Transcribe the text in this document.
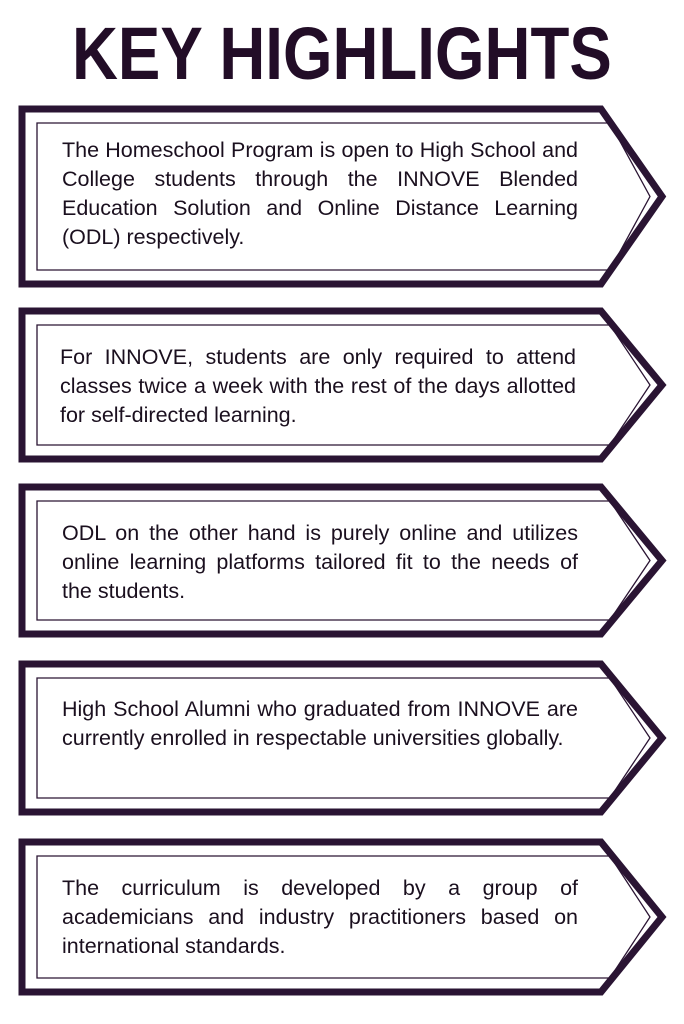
KEY HIGHLIGHTS
The Homeschool Program is open to High School and College students through the INNOVE Blended Education Solution and Online Distance Learning (ODL) respectively.
For INNOVE, students are only required to attend classes twice a week with the rest of the days allotted for self-directed learning.
ODL on the other hand is purely online and utilizes online learning platforms tailored fit to the needs of the students.
High School Alumni who graduated from INNOVE are currently enrolled in respectable universities globally.
The curriculum is developed by a group of academicians and industry practitioners based on international standards.
